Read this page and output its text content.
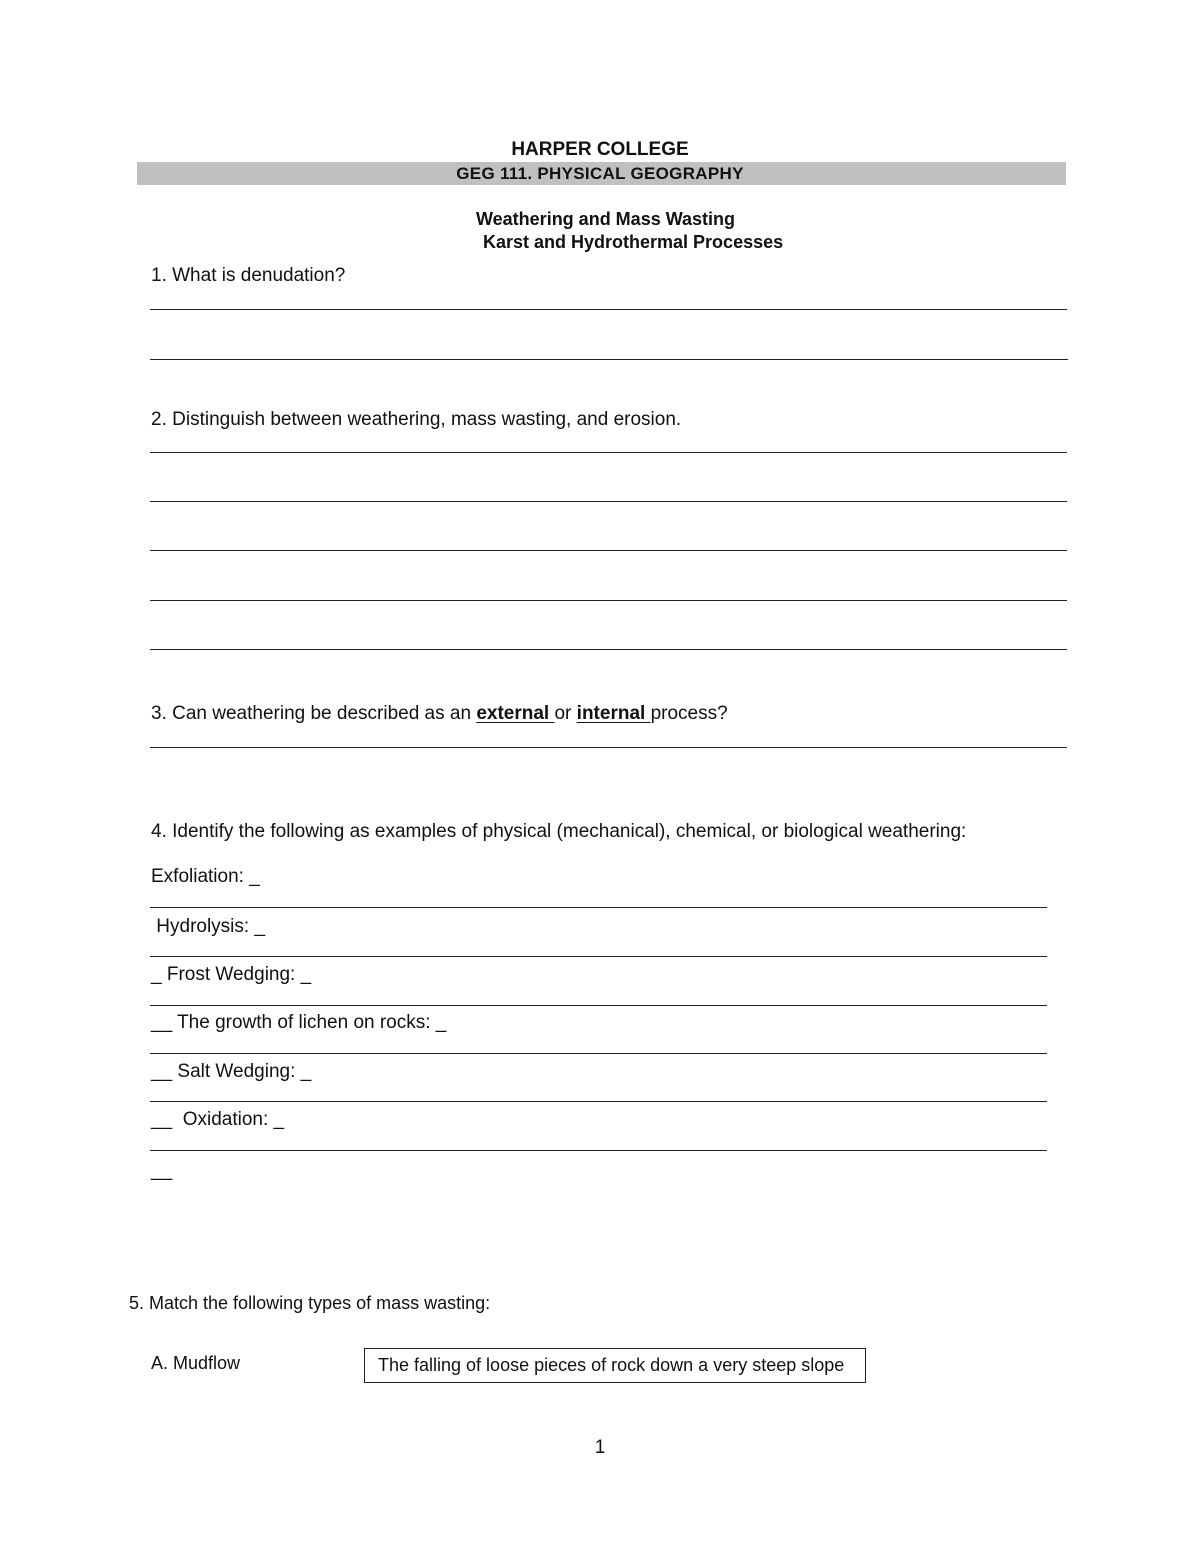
HARPER COLLEGE
GEG 111. PHYSICAL GEOGRAPHY
Weathering and Mass Wasting
Karst and Hydrothermal Processes
1. What is denudation?
2. Distinguish between weathering, mass wasting, and erosion.
3. Can weathering be described as an external or internal process?
4. Identify the following as examples of physical (mechanical), chemical, or biological weathering:
Exfoliation: _
Hydrolysis: _
_ Frost Wedging: _
__ The growth of lichen on rocks: _
__ Salt Wedging: _
__  Oxidation: _
__
5. Match the following types of mass wasting:
A. Mudflow	The falling of loose pieces of rock down a very steep slope
1
